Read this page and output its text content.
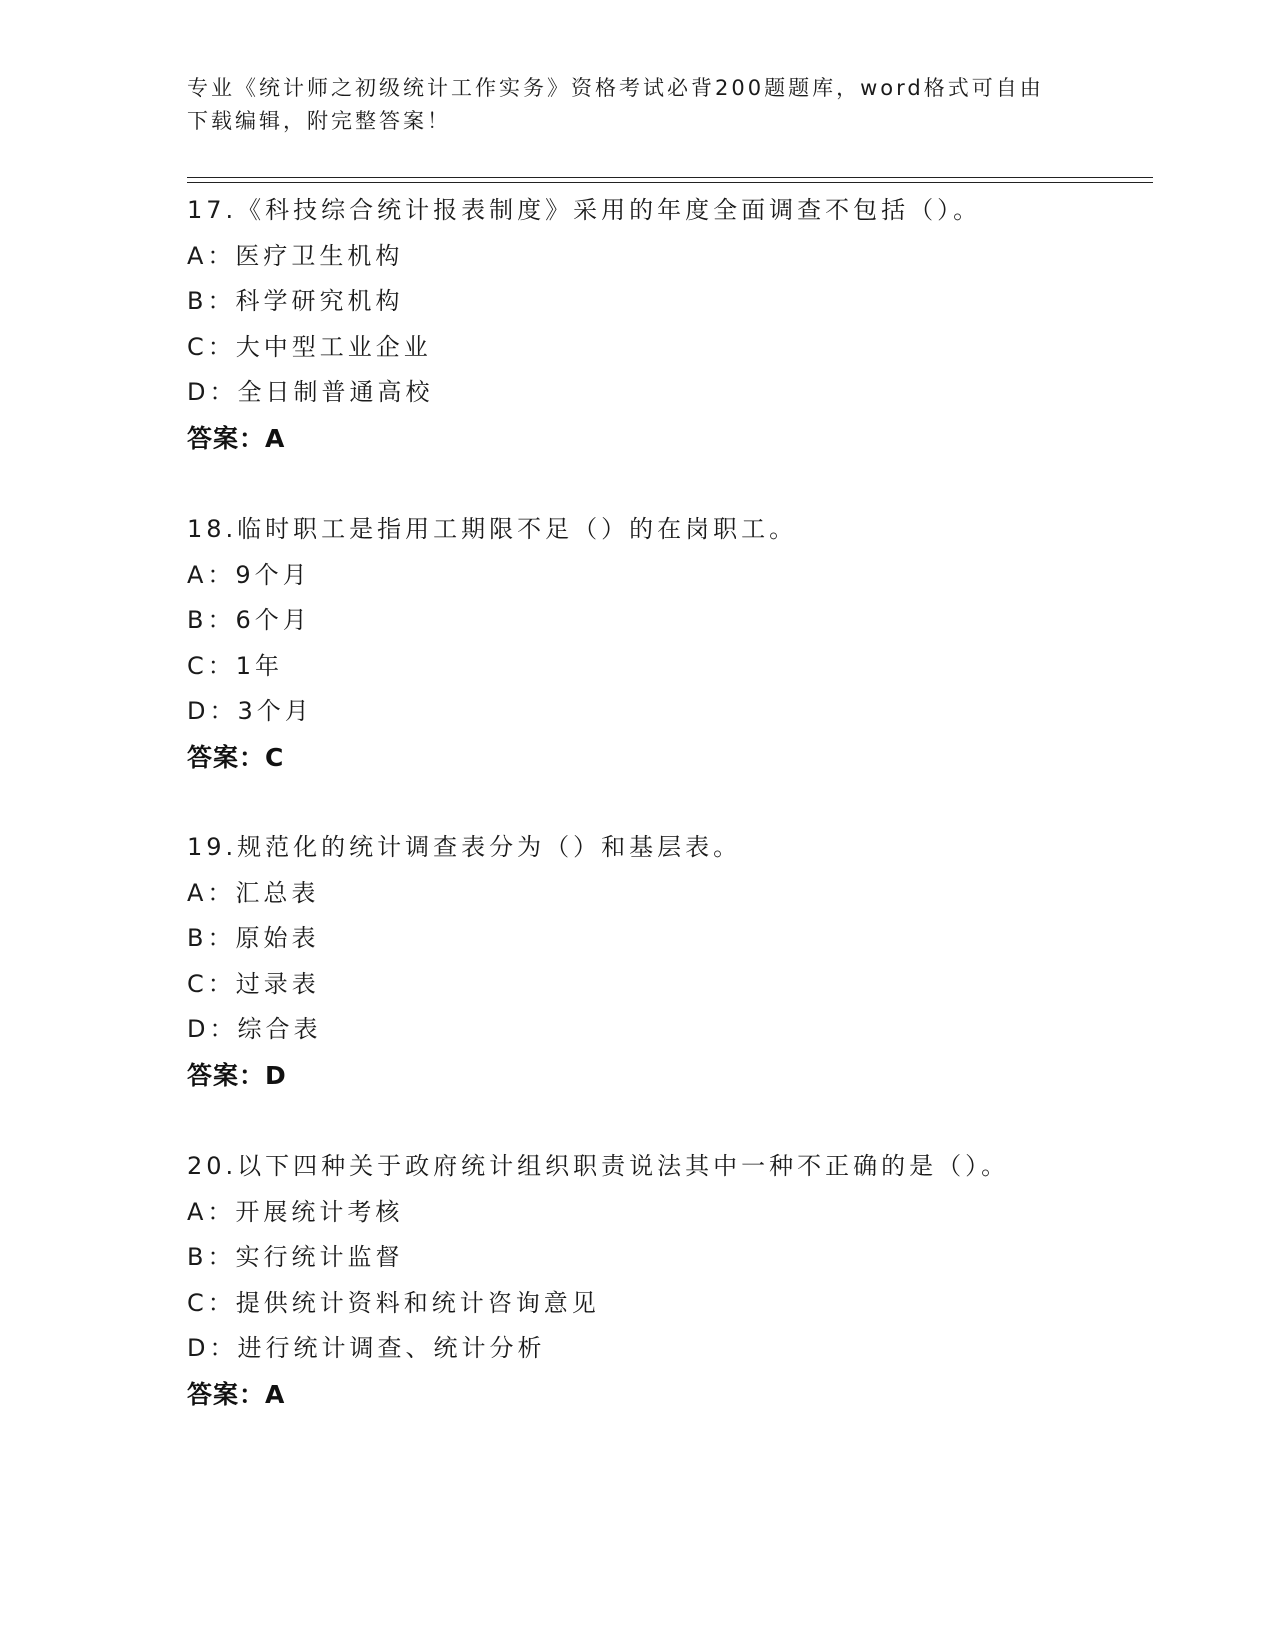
专业《统计师之初级统计工作实务》资格考试必背200题题库，word格式可自由
下载编辑，附完整答案！
17.《科技综合统计报表制度》采用的年度全面调查不包括（）。
A：医疗卫生机构
B：科学研究机构
C：大中型工业企业
D：全日制普通高校
答案：A
18.临时职工是指用工期限不足（）的在岗职工。
A：9个月
B：6个月
C：1年
D：3个月
答案：C
19.规范化的统计调查表分为（）和基层表。
A：汇总表
B：原始表
C：过录表
D：综合表
答案：D
20.以下四种关于政府统计组织职责说法其中一种不正确的是（）。
A：开展统计考核
B：实行统计监督
C：提供统计资料和统计咨询意见
D：进行统计调查、统计分析
答案：A
